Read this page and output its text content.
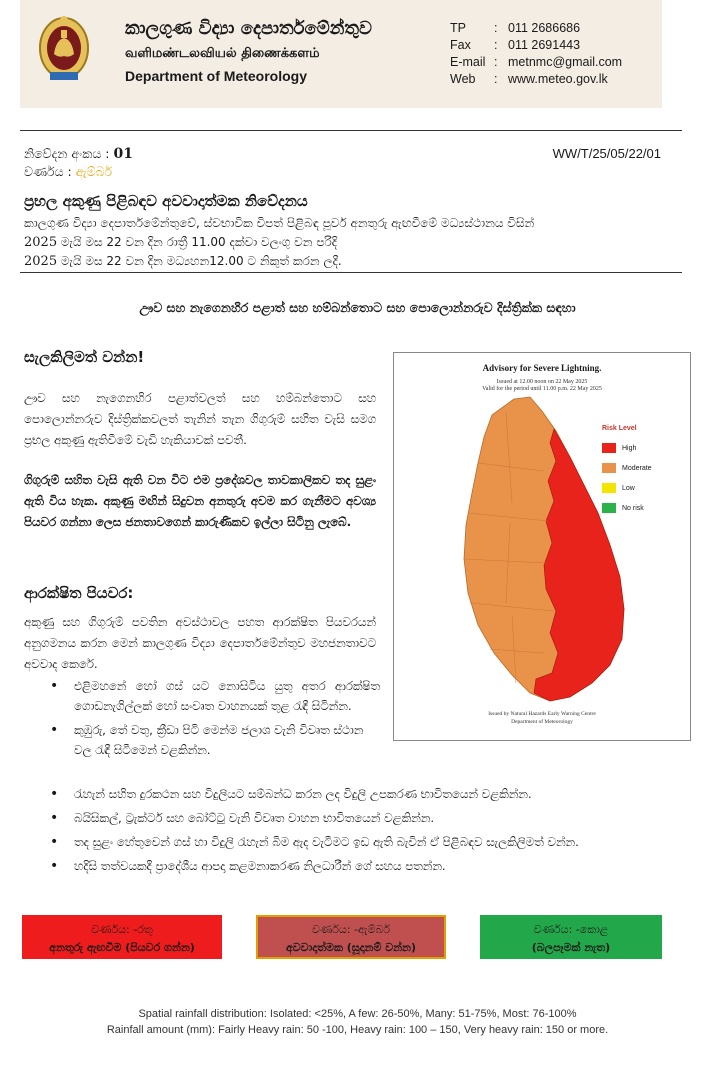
කාලගුණ විද්‍යා දෙපාර්තමේන්තුව
வளிமண்டலவியல் திணைக்களம்
Department of Meteorology
TP	: 011 2686686
Fax	: 011 2691443
E-mail : metnmc@gmail.com
Web	: www.meteo.gov.lk
නිවේදන අංකය : 01	WW/T/25/05/22/01
වර්ණය : ඇම්බර්
ප්‍රභල අකුණු පිළිබඳව අවවාදාත්මක නිවේදනය
කාලගුණ විද්‍යා දෙපාර්තමේන්තුවේ, ස්වභාවික විපත් පිළිබඳ පූර්ව අනතුරු ඇඟවීමේ මධ්‍යස්ථානය විසින්
2025 මැයි මස 22 වන දින රාත්‍රී 11.00 දක්වා වලංගු වන පරිදි
2025 මැයි මස 22 වන දින මධ්‍යහන12.00 ට නිකුත් කරන ලදී.
ඌව සහ නැගෙනහිර පළාත් සහ හම්බන්තොට සහ පොලොන්නරුව දිස්ත්‍රික්ක සඳහා
සැලකිලිමත් වන්න!
ඌව සහ නැගෙනහිර පළාත්වලත් සහ හම්බන්තොට සහ පොලොන්නරුව දිස්ත්‍රික්කවලත් තැනින් තැන ගිගුරුම් සහිත වැසි සමග ප්‍රභල අකුණු ඇතිවීමේ වැඩි හැකියාවක් පවතී.
ගිගුරුම් සහිත වැසි ඇති වන විට එම ප්‍රදේශවල තාවකාලිකව තද සුළං ඇති විය හැක. අකුණු මඟින් සිදුවන අනතුරු අවම කර ගැනීමට අවශ්‍ය පියවර ගන්නා ලෙස ජනතාවගෙන් කාරුණිකව ඉල්ලා සිටිනු ලැබේ.
ආරක්ෂිත පියවර:
අකුණු සහ ගිගුරුම් පවතින අවස්ථාවල පහත ආරක්ෂිත පියවරයන් අනුගමනය කරන මෙන් කාලගුණ විද්‍යා දෙපාර්තමේන්තුව මහජනතාවට අවවාද කෙරේ.
• එළිමහනේ හෝ ගස් යට නොසිටිය යුතු අතර ආරක්ෂිත ගොඩනැගිල්ලක් හෝ සංවෘත වාහනයක් තුළ රැඳී සිටින්න.
• කුඹුරු, තේ වතු, ක්‍රීඩා පිටි මෙන්ම ජලාශ වැනි විවෘත ස්ථාන වල රැඳී සිටීමෙන් වළකින්න.
• රැහැන් සහිත දුරකථන සහ විදුලියට සම්බන්ධ කරන ලද විදුලි උපකරණ භාවිතයෙන් වළකින්න.
• බයිසිකල්, ට්‍රැක්ටර් සහ බෝට්ටු වැනි විවෘත වාහන භාවිතයෙන් වළකින්න.
• තද සුළං හේතුවෙන් ගස් හා විදුලි රැහැන් බිම ඇද වැටීමට ඉඩ ඇති බැවින් ඒ පිළිබඳව සැලකිලිමත් වන්න.
• හදිසි තත්වයකදී ප්‍රාදේශීය ආපදා කළමනාකරණ නිලධාරීන් ගේ සහය පතන්න.
Advisory for Severe Lightning.
Issued at 12.00 noon on 22 May 2025
Valid for the period until 11.00 p.m. 22 May 2025
Risk Level
High
Moderate
Low
No risk
Issued by Natural Hazards Early Warning Centre
Department of Meteorology
වර්ණය: -රතු
අනතුරු ඇඟවීම (පියවර ගන්න)
වර්ණය: -ඇම්බර්
අවවාදාත්මක (සූදානම් වන්න)
වර්ණය: -කොළ
(බලපෑමක් නැත)
Spatial rainfall distribution: Isolated: <25%, A few: 26-50%, Many: 51-75%, Most: 76-100%
Rainfall amount (mm): Fairly Heavy rain: 50 -100, Heavy rain: 100 – 150, Very heavy rain: 150 or more.
